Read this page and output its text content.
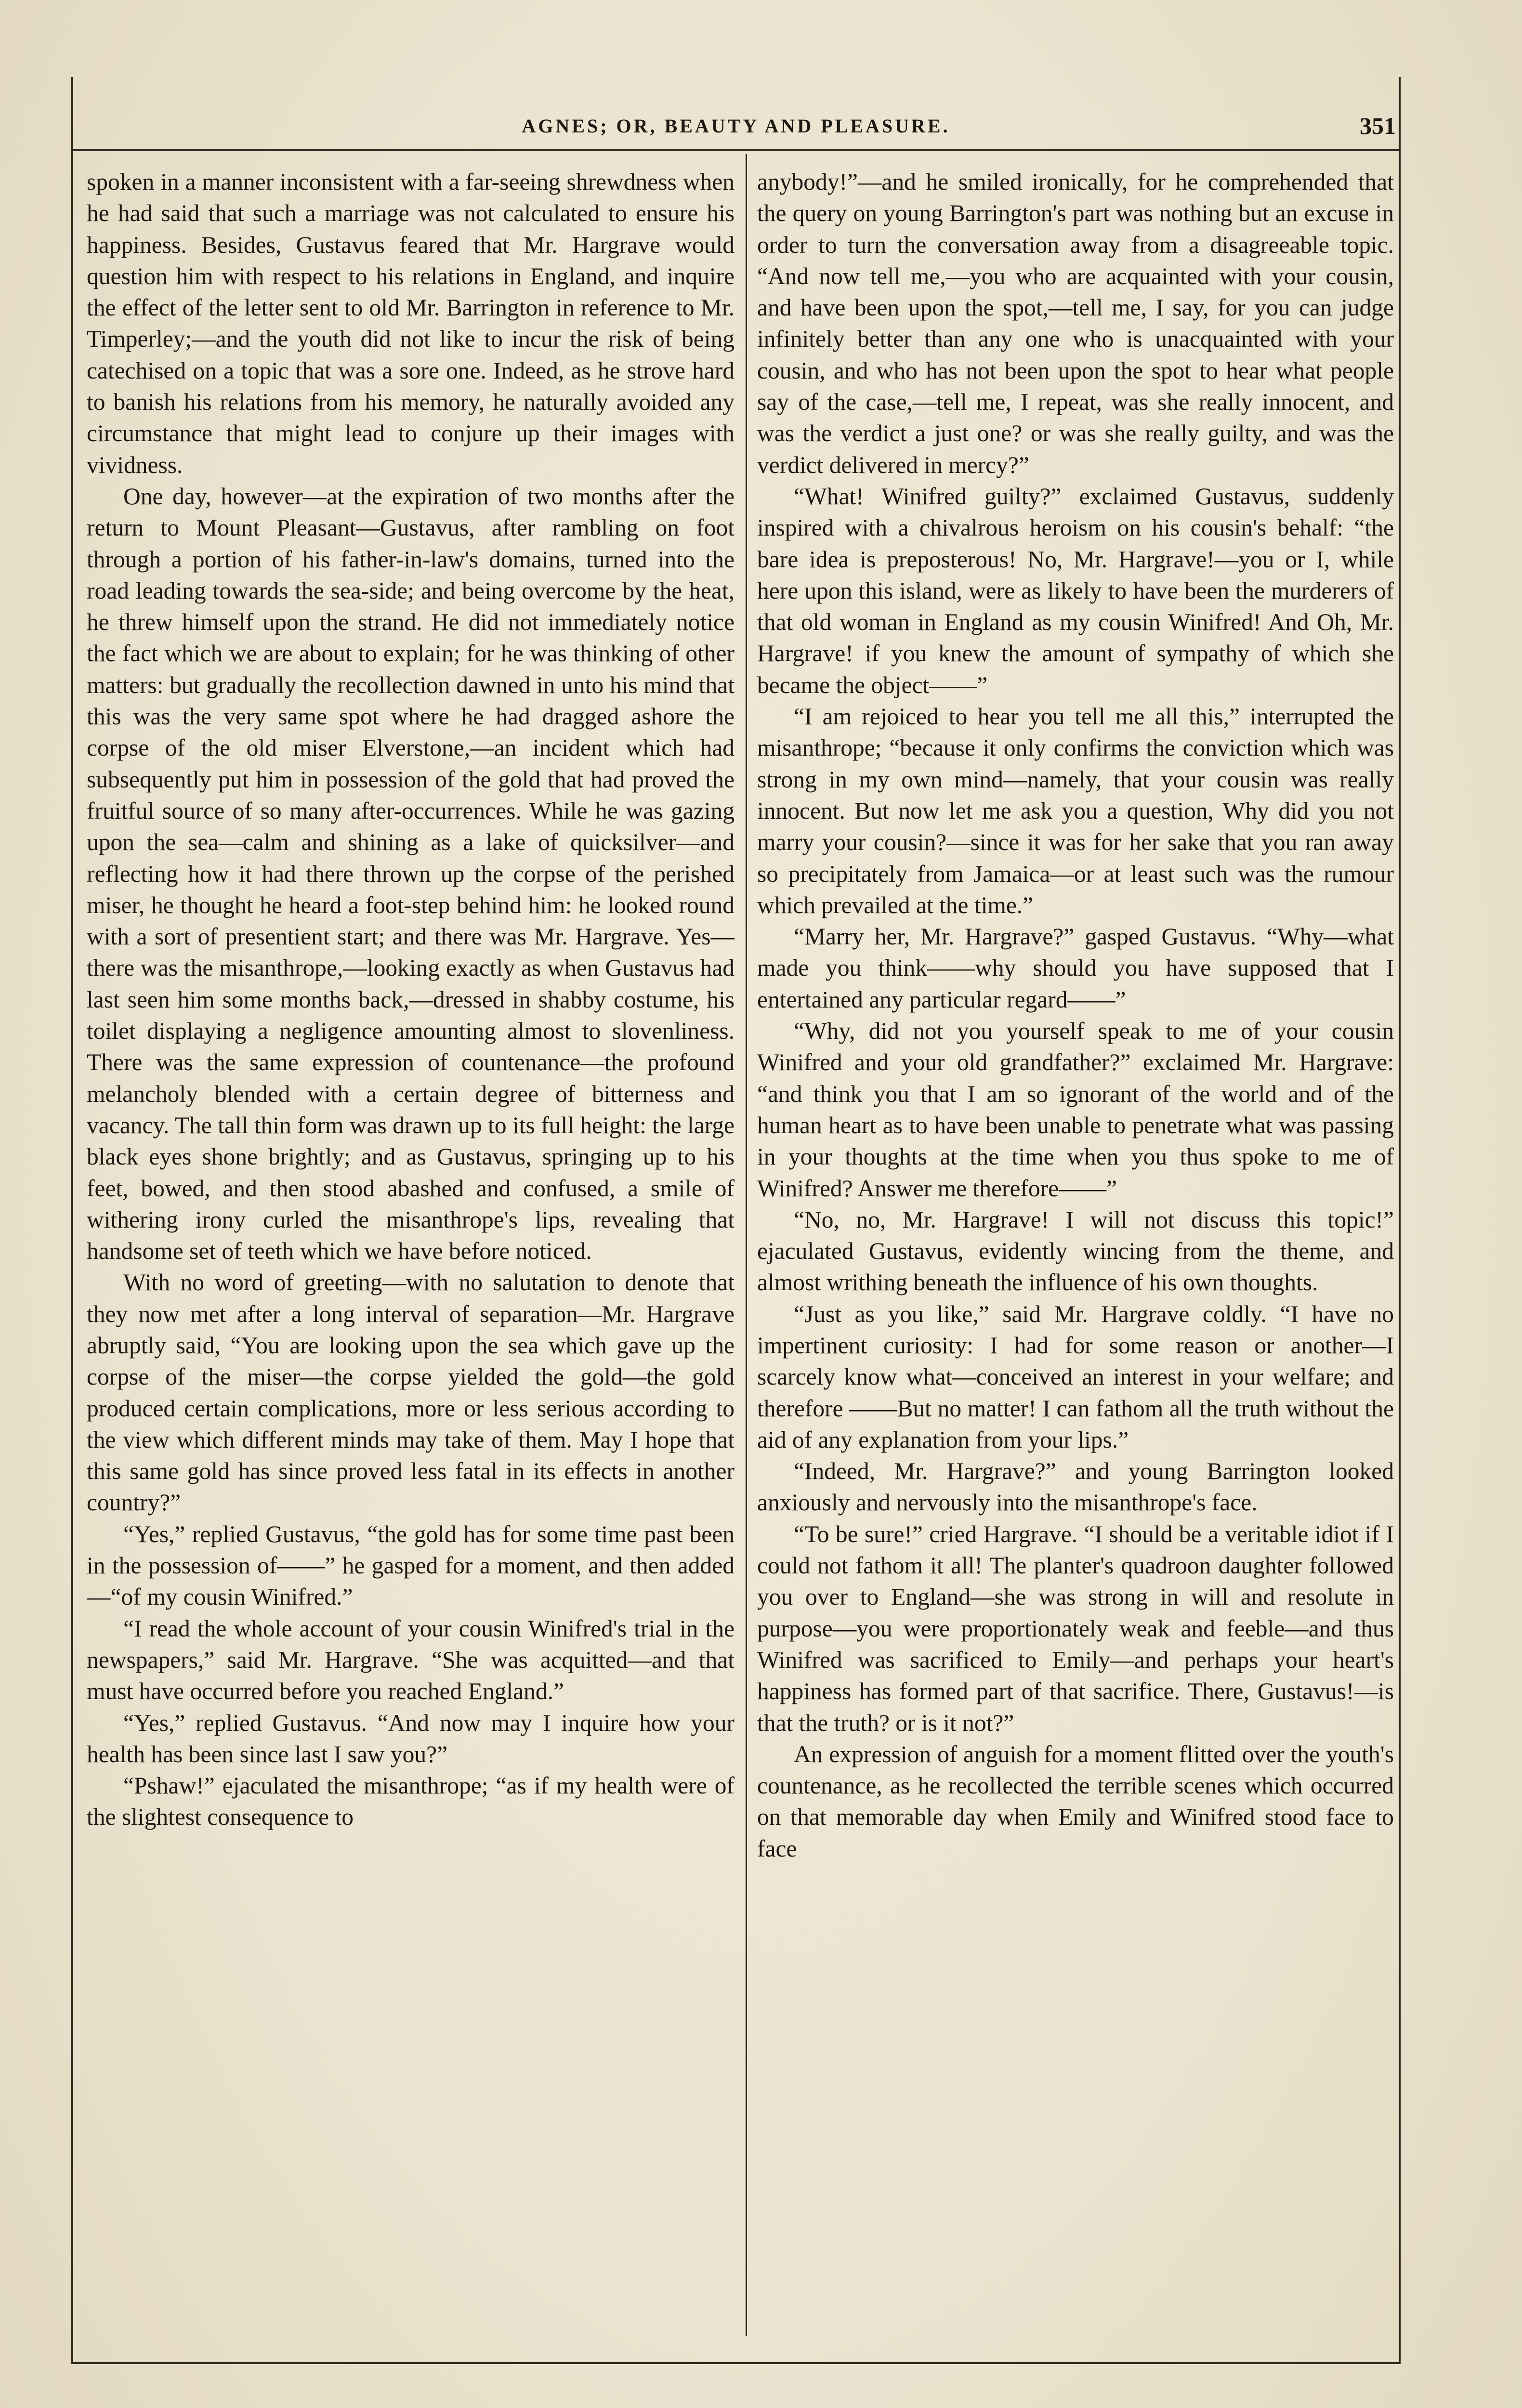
AGNES; OR, BEAUTY AND PLEASURE.	351

spoken in a manner inconsistent with a far-seeing shrewdness when he had said that such a marriage was not calculated to ensure his happiness. Besides, Gustavus feared that Mr. Hargrave would question him with respect to his relations in England, and inquire the effect of the letter sent to old Mr. Barrington in reference to Mr. Timperley;—and the youth did not like to incur the risk of being catechised on a topic that was a sore one. Indeed, as he strove hard to banish his relations from his memory, he naturally avoided any circumstance that might lead to conjure up their images with vividness.

One day, however—at the expiration of two months after the return to Mount Pleasant—Gustavus, after rambling on foot through a portion of his father-in-law's domains, turned into the road leading towards the sea-side; and being overcome by the heat, he threw himself upon the strand. He did not immediately notice the fact which we are about to explain; for he was thinking of other matters: but gradually the recollection dawned in unto his mind that this was the very same spot where he had dragged ashore the corpse of the old miser Elverstone,—an incident which had subsequently put him in possession of the gold that had proved the fruitful source of so many after-occurrences. While he was gazing upon the sea—calm and shining as a lake of quicksilver—and reflecting how it had there thrown up the corpse of the perished miser, he thought he heard a foot-step behind him: he looked round with a sort of presentient start; and there was Mr. Hargrave. Yes—there was the misanthrope,—looking exactly as when Gustavus had last seen him some months back,—dressed in shabby costume, his toilet displaying a negligence amounting almost to slovenliness. There was the same expression of countenance—the profound melancholy blended with a certain degree of bitterness and vacancy. The tall thin form was drawn up to its full height: the large black eyes shone brightly; and as Gustavus, springing up to his feet, bowed, and then stood abashed and confused, a smile of withering irony curled the misanthrope's lips, revealing that handsome set of teeth which we have before noticed.

With no word of greeting—with no salutation to denote that they now met after a long interval of separation—Mr. Hargrave abruptly said, “You are looking upon the sea which gave up the corpse of the miser—the corpse yielded the gold—the gold produced certain complications, more or less serious according to the view which different minds may take of them. May I hope that this same gold has since proved less fatal in its effects in another country?”

“Yes,” replied Gustavus, “the gold has for some time past been in the possession of——” he gasped for a moment, and then added—“of my cousin Winifred.”

“I read the whole account of your cousin Winifred's trial in the newspapers,” said Mr. Hargrave. “She was acquitted—and that must have occurred before you reached England.”

“Yes,” replied Gustavus. “And now may I inquire how your health has been since last I saw you?”

“Pshaw!” ejaculated the misanthrope; “as if my health were of the slightest consequence to

anybody!”—and he smiled ironically, for he comprehended that the query on young Barrington's part was nothing but an excuse in order to turn the conversation away from a disagreeable topic. “And now tell me,—you who are acquainted with your cousin, and have been upon the spot,—tell me, I say, for you can judge infinitely better than any one who is unacquainted with your cousin, and who has not been upon the spot to hear what people say of the case,—tell me, I repeat, was she really innocent, and was the verdict a just one? or was she really guilty, and was the verdict delivered in mercy?”

“What! Winifred guilty?” exclaimed Gustavus, suddenly inspired with a chivalrous heroism on his cousin's behalf: “the bare idea is preposterous! No, Mr. Hargrave!—you or I, while here upon this island, were as likely to have been the murderers of that old woman in England as my cousin Winifred! And Oh, Mr. Hargrave! if you knew the amount of sympathy of which she became the object——”

“I am rejoiced to hear you tell me all this,” interrupted the misanthrope; “because it only confirms the conviction which was strong in my own mind—namely, that your cousin was really innocent. But now let me ask you a question, Why did you not marry your cousin?—since it was for her sake that you ran away so precipitately from Jamaica—or at least such was the rumour which prevailed at the time.”

“Marry her, Mr. Hargrave?” gasped Gustavus. “Why—what made you think——why should you have supposed that I entertained any particular regard——”

“Why, did not you yourself speak to me of your cousin Winifred and your old grandfather?” exclaimed Mr. Hargrave: “and think you that I am so ignorant of the world and of the human heart as to have been unable to penetrate what was passing in your thoughts at the time when you thus spoke to me of Winifred? Answer me therefore——”

“No, no, Mr. Hargrave! I will not discuss this topic!” ejaculated Gustavus, evidently wincing from the theme, and almost writhing beneath the influence of his own thoughts.

“Just as you like,” said Mr. Hargrave coldly. “I have no impertinent curiosity: I had for some reason or another—I scarcely know what—conceived an interest in your welfare; and therefore ——But no matter! I can fathom all the truth without the aid of any explanation from your lips.”

“Indeed, Mr. Hargrave?” and young Barrington looked anxiously and nervously into the misanthrope's face.

“To be sure!” cried Hargrave. “I should be a veritable idiot if I could not fathom it all! The planter's quadroon daughter followed you over to England—she was strong in will and resolute in purpose—you were proportionately weak and feeble—and thus Winifred was sacrificed to Emily—and perhaps your heart's happiness has formed part of that sacrifice. There, Gustavus!—is that the truth? or is it not?”

An expression of anguish for a moment flitted over the youth's countenance, as he recollected the terrible scenes which occurred on that memorable day when Emily and Winifred stood face to face
